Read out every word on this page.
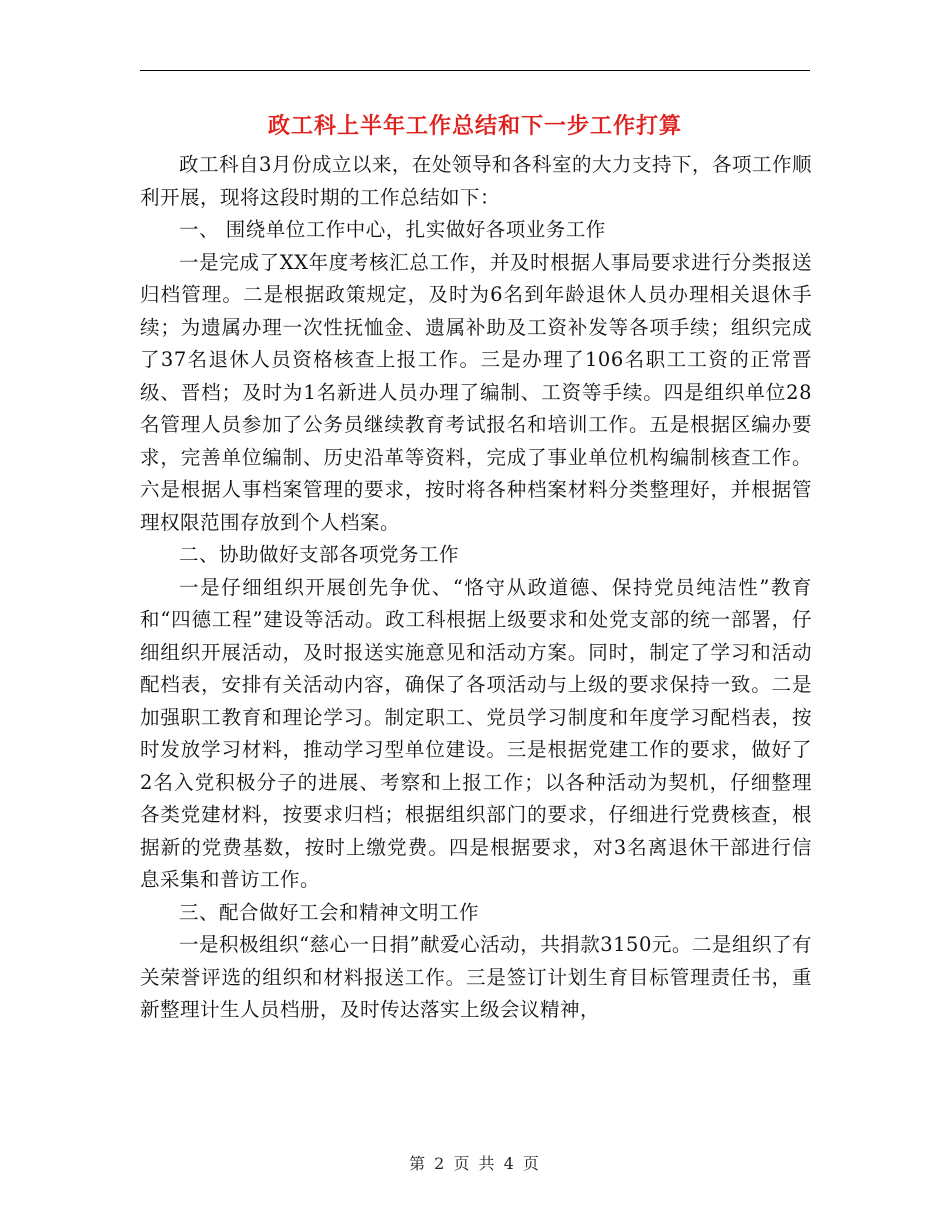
政工科上半年工作总结和下一步工作打算

政工科自3月份成立以来，在处领导和各科室的大力支持下，各项工作顺利开展，现将这段时期的工作总结如下：

一、 围绕单位工作中心，扎实做好各项业务工作

一是完成了XX年度考核汇总工作，并及时根据人事局要求进行分类报送归档管理。二是根据政策规定，及时为6名到年龄退休人员办理相关退休手续；为遗属办理一次性抚恤金、遗属补助及工资补发等各项手续；组织完成了37名退休人员资格核查上报工作。三是办理了106名职工工资的正常晋级、晋档；及时为1名新进人员办理了编制、工资等手续。四是组织单位28名管理人员参加了公务员继续教育考试报名和培训工作。五是根据区编办要求，完善单位编制、历史沿革等资料，完成了事业单位机构编制核查工作。六是根据人事档案管理的要求，按时将各种档案材料分类整理好，并根据管理权限范围存放到个人档案。

二、协助做好支部各项党务工作

一是仔细组织开展创先争优、“恪守从政道德、保持党员纯洁性”教育和“四德工程”建设等活动。政工科根据上级要求和处党支部的统一部署，仔细组织开展活动，及时报送实施意见和活动方案。同时，制定了学习和活动配档表，安排有关活动内容，确保了各项活动与上级的要求保持一致。二是加强职工教育和理论学习。制定职工、党员学习制度和年度学习配档表，按时发放学习材料，推动学习型单位建设。三是根据党建工作的要求，做好了2名入党积极分子的进展、考察和上报工作；以各种活动为契机，仔细整理各类党建材料，按要求归档；根据组织部门的要求，仔细进行党费核查，根据新的党费基数，按时上缴党费。四是根据要求，对3名离退休干部进行信息采集和普访工作。

三、配合做好工会和精神文明工作

一是积极组织“慈心一日捐”献爱心活动，共捐款3150元。二是组织了有关荣誉评选的组织和材料报送工作。三是签订计划生育目标管理责任书，重新整理计生人员档册，及时传达落实上级会议精神，

第 2 页 共 4 页
